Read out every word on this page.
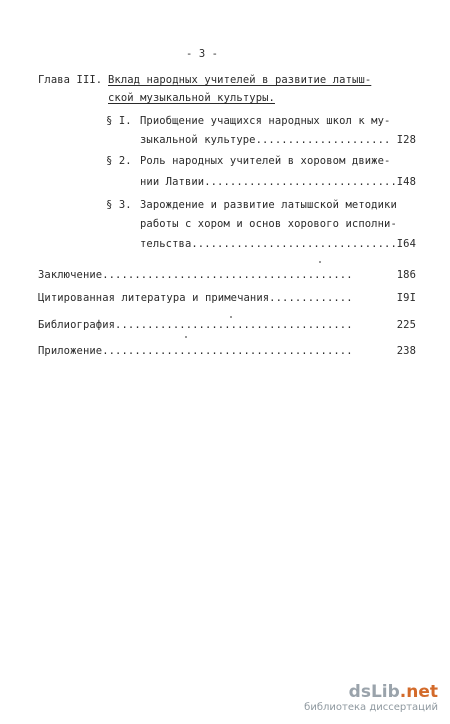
- 3 -
Глава III. Вклад народных учителей в развитие латыш-
ской музыкальной культуры.
§ I. Приобщение учащихся народных школ к му-
зыкальной культуре..................... I28
§ 2. Роль народных учителей в хоровом движе-
нии Латвии.............................. I48
§ 3. Зарождение и развитие латышской методики
работы с хором и основ хорового исполни-
тельства................................ I64
Заключение.......................................	186
Цитированная литература и примечания.............	I9I
Библиография.....................................	225
Приложение.......................................	238
dsLib.net
библиотека диссертаций
